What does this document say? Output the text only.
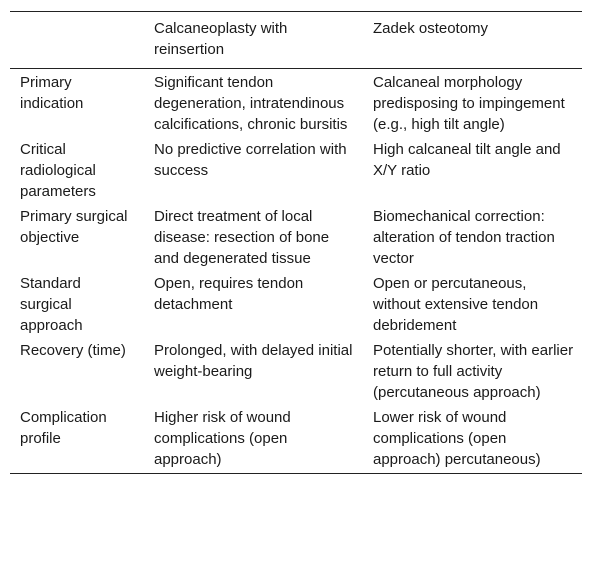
	Calcaneoplasty with reinsertion	Zadek osteotomy
Primary indication	Significant tendon degeneration, intratendinous calcifications, chronic bursitis	Calcaneal morphology predisposing to impingement (e.g., high tilt angle)
Critical radiological parameters	No predictive correlation with success	High calcaneal tilt angle and X/Y ratio
Primary surgical objective	Direct treatment of local disease: resection of bone and degenerated tissue	Biomechanical correction: alteration of tendon traction vector
Standard surgical approach	Open, requires tendon detachment	Open or percutaneous, without extensive tendon debridement
Recovery (time)	Prolonged, with delayed initial weight-bearing	Potentially shorter, with earlier return to full activity (percutaneous approach)
Complication profile	Higher risk of wound complications (open approach)	Lower risk of wound complications (open approach) percutaneous)
